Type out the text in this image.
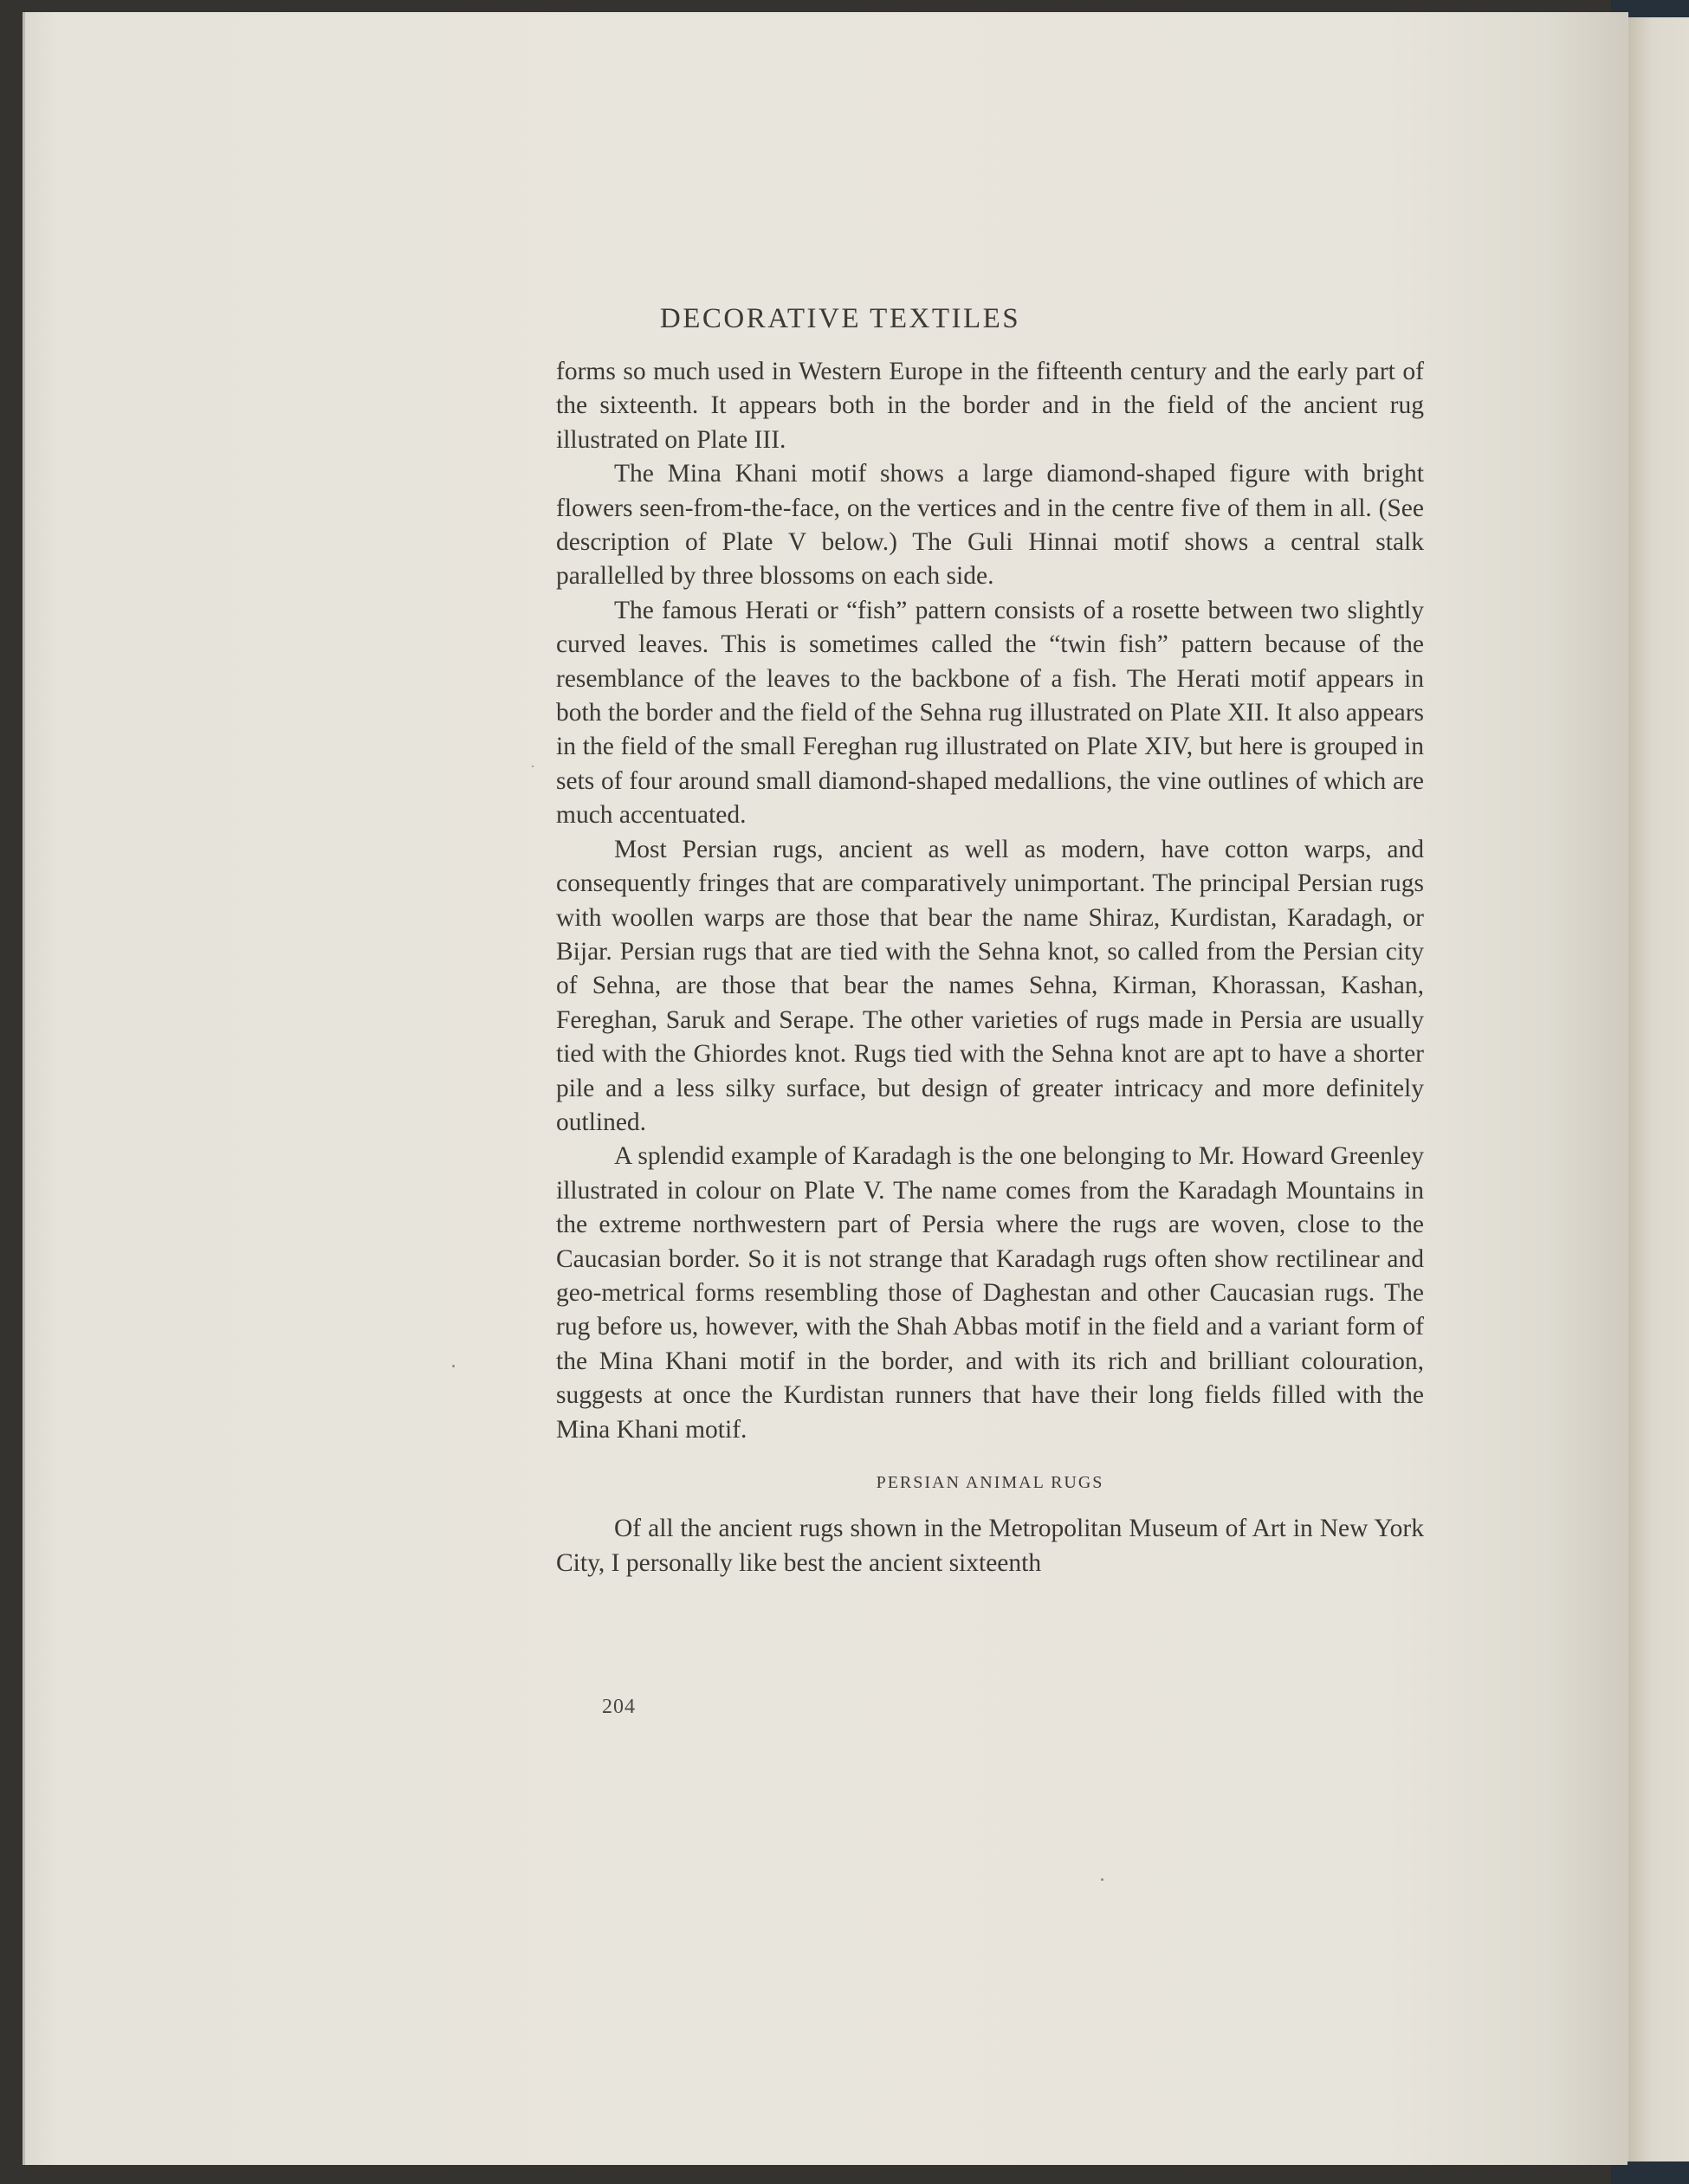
DECORATIVE TEXTILES

forms so much used in Western Europe in the fifteenth century and the early part of the sixteenth. It appears both in the border and in the field of the ancient rug illustrated on Plate III.

The Mina Khani motif shows a large diamond-shaped figure with bright flowers seen-from-the-face, on the vertices and in the centre five of them in all. (See description of Plate V below.) The Guli Hinnai motif shows a central stalk parallelled by three blossoms on each side.

The famous Herati or “fish” pattern consists of a rosette between two slightly curved leaves. This is sometimes called the “twin fish” pattern because of the resemblance of the leaves to the backbone of a fish. The Herati motif appears in both the border and the field of the Sehna rug illustrated on Plate XII. It also appears in the field of the small Fereghan rug illustrated on Plate XIV, but here is grouped in sets of four around small diamond-shaped medallions, the vine outlines of which are much accentuated.

Most Persian rugs, ancient as well as modern, have cotton warps, and consequently fringes that are comparatively unimportant. The principal Persian rugs with woollen warps are those that bear the name Shiraz, Kurdistan, Karadagh, or Bijar. Persian rugs that are tied with the Sehna knot, so called from the Persian city of Sehna, are those that bear the names Sehna, Kirman, Khorassan, Kashan, Fereghan, Saruk and Serape. The other varieties of rugs made in Persia are usually tied with the Ghiordes knot. Rugs tied with the Sehna knot are apt to have a shorter pile and a less silky surface, but design of greater intricacy and more definitely outlined.

A splendid example of Karadagh is the one belonging to Mr. Howard Greenley illustrated in colour on Plate V. The name comes from the Karadagh Mountains in the extreme northwestern part of Persia where the rugs are woven, close to the Caucasian border. So it is not strange that Karadagh rugs often show rectilinear and geo-metrical forms resembling those of Daghestan and other Caucasian rugs. The rug before us, however, with the Shah Abbas motif in the field and a variant form of the Mina Khani motif in the border, and with its rich and brilliant colouration, suggests at once the Kurdistan runners that have their long fields filled with the Mina Khani motif.

PERSIAN ANIMAL RUGS

Of all the ancient rugs shown in the Metropolitan Museum of Art in New York City, I personally like best the ancient sixteenth

204
